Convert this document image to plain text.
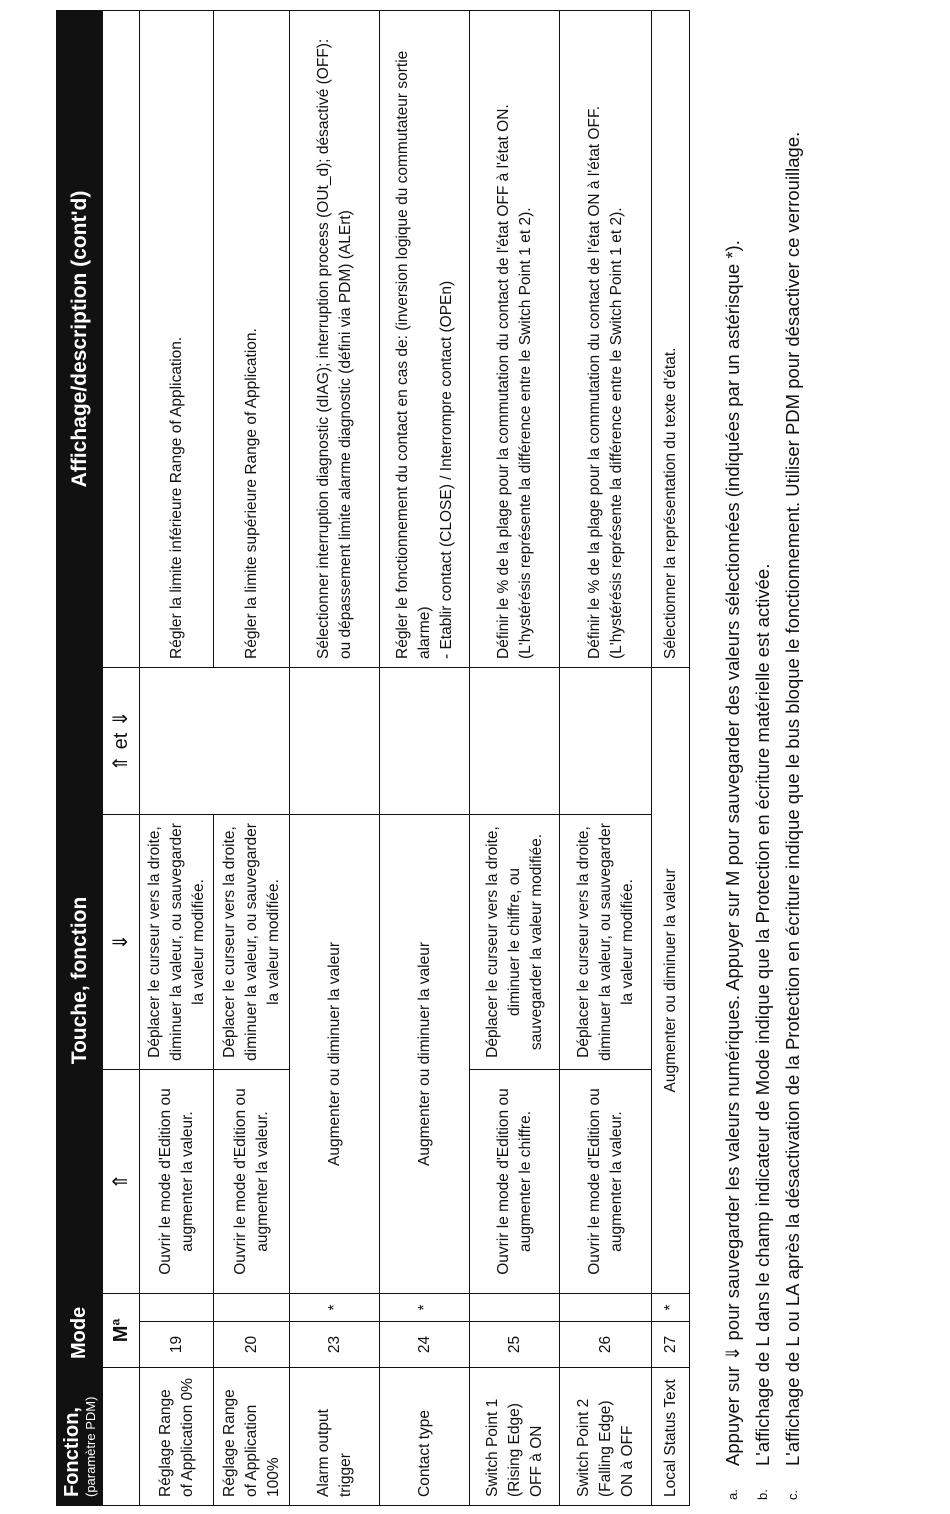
Fonction, (paramètre PDM)	Mode		Touche, fonction			Affichage/description (cont'd)
	$M^a$		⇑	⇓	⇑ et ⇓	
Réglage Range of Application 0%	19		Ouvrir le mode d'Edition ou augmenter la valeur.	Déplacer le curseur vers la droite, diminuer la valeur, ou sauvegarder la valeur modifiée.		Régler la limite inférieure Range of Application.
Réglage Range of Application 100%	20		Ouvrir le mode d'Edition ou augmenter la valeur.	Déplacer le curseur vers la droite, diminuer la valeur, ou sauvegarder la valeur modifiée.		Régler la limite supérieure Range of Application.
Alarm output trigger	23	*	Augmenter ou diminuer la valeur			Sélectionner interruption diagnostic (dIAG); interruption process (OUt_d); désactivé (OFF): ou dépassement limite alarme diagnostic (défini via PDM) (ALErt)
Contact type	24	*	Augmenter ou diminuer la valeur			Régler le fonctionnement du contact en cas de: (inversion logique du commutateur sortie alarme)
- Etablir contact (CLOSE) / Interrompre contact (OPEn)
Switch Point 1 (Rising Edge) OFF à ON	25		Ouvrir le mode d'Edition ou augmenter le chiffre.	Déplacer le curseur vers la droite, diminuer le chiffre, ou sauvegarder la valeur modifiée.		Définir le % de la plage pour la commutation du contact de l'état OFF à l'état ON. (L'hystérésis représente la différence entre le Switch Point 1 et 2).
Switch Point 2 (Falling Edge) ON à OFF	26		Ouvrir le mode d'Edition ou augmenter la valeur.	Déplacer le curseur vers la droite, diminuer la valeur, ou sauvegarder la valeur modifiée.		Définir le % de la plage pour la commutation du contact de l'état ON à l'état OFF.
(L'hystérésis représente la différence entre le Switch Point 1 et 2).
Local Status Text	27	*	Augmenter ou diminuer la valeur			Sélectionner la représentation du texte d'état.
a.
Appuyer sur ⇓ pour sauvegarder les valeurs numériques. Appuyer sur M pour sauvegarder des valeurs sélectionnées (indiquées par un astérisque *).
b.
L'affichage de L dans le champ indicateur de Mode indique que la Protection en écriture matérielle est activée.
c.
L'affichage de L ou LA après la désactivation de la Protection en écriture indique que le bus bloque le fonctionnement. Utiliser PDM pour désactiver ce verrouillage.
